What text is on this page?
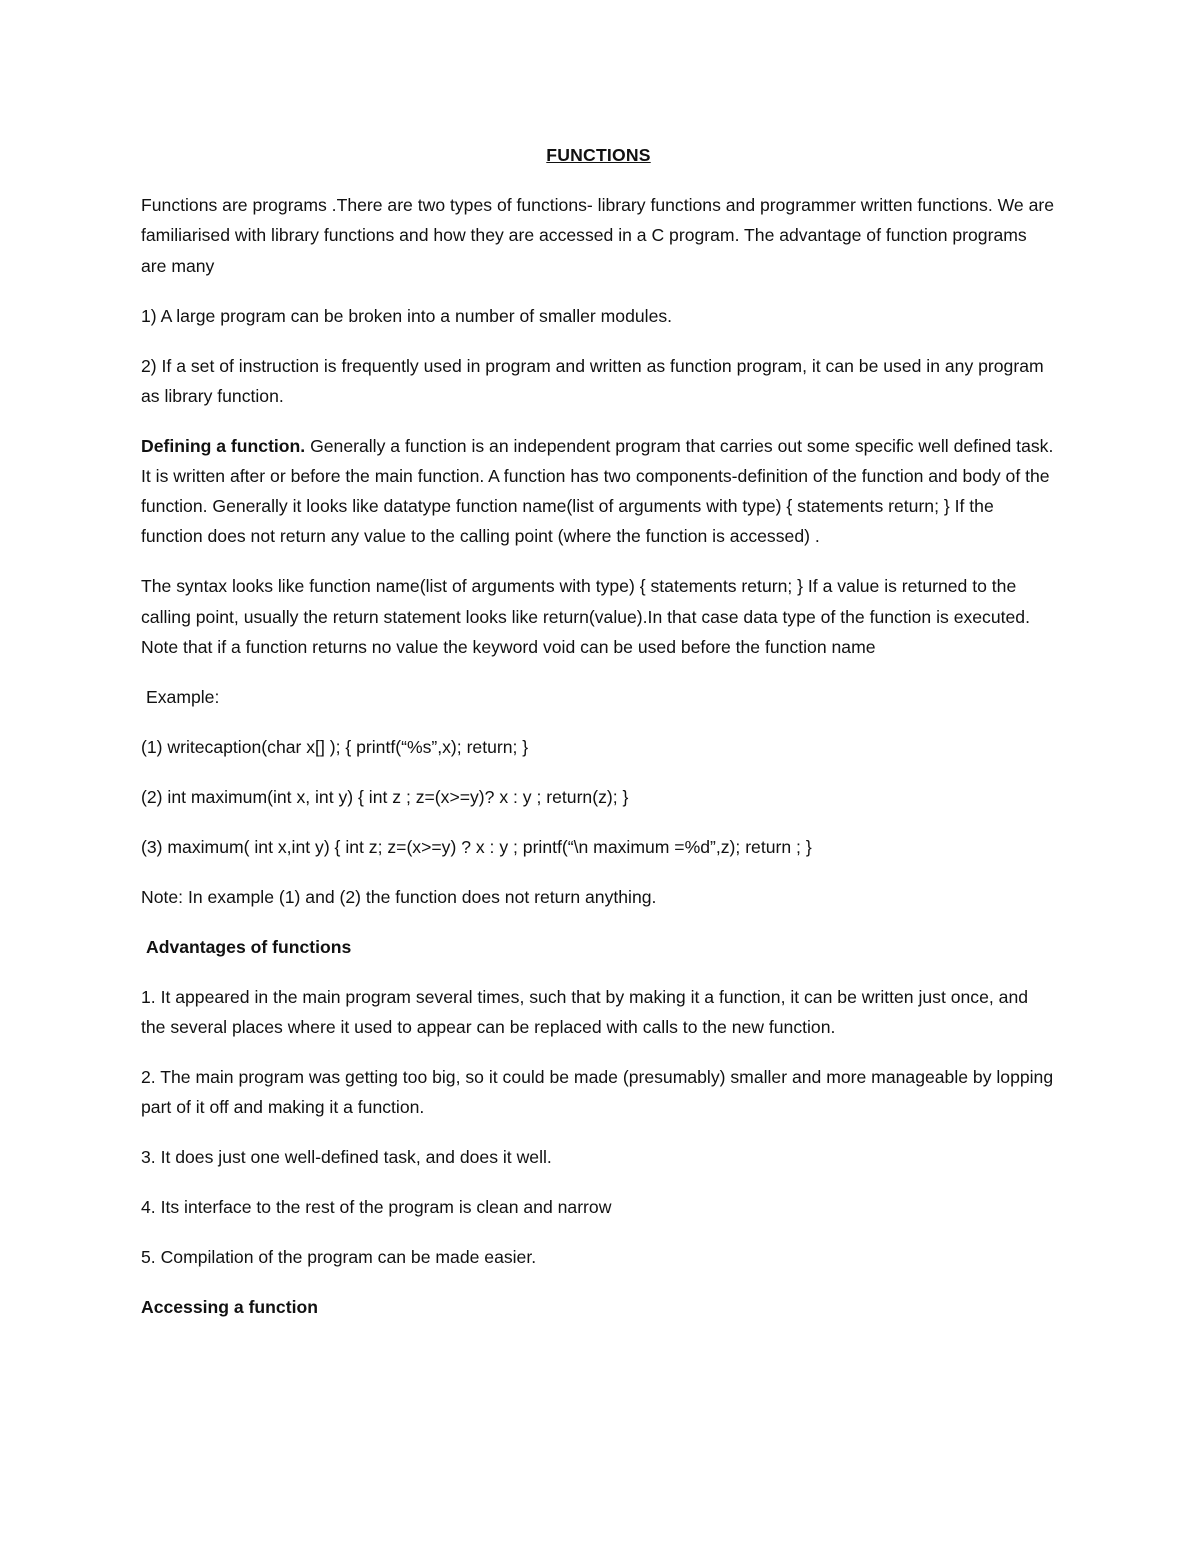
FUNCTIONS

Functions are programs .There are two types of functions- library functions and programmer written functions. We are familiarised with library functions and how they are accessed in a C program. The advantage of function programs are many

1) A large program can be broken into a number of smaller modules.

2) If a set of instruction is frequently used in program and written as function program, it can be used in any program as library function.

Defining a function. Generally a function is an independent program that carries out some specific well defined task. It is written after or before the main function. A function has two components-definition of the function and body of the function. Generally it looks like datatype function name(list of arguments with type) { statements return; } If the function does not return any value to the calling point (where the function is accessed) .

The syntax looks like function name(list of arguments with type) { statements return; } If a value is returned to the calling point, usually the return statement looks like return(value).In that case data type of the function is executed. Note that if a function returns no value the keyword void can be used before the function name

Example:

(1) writecaption(char x[] ); { printf(“%s”,x); return; }

(2) int maximum(int x, int y) { int z ; z=(x>=y)? x : y ; return(z); }

(3) maximum( int x,int y) { int z; z=(x>=y) ? x : y ; printf(“\n maximum =%d”,z); return ; }

Note: In example (1) and (2) the function does not return anything.

Advantages of functions

1. It appeared in the main program several times, such that by making it a function, it can be written just once, and the several places where it used to appear can be replaced with calls to the new function.

2. The main program was getting too big, so it could be made (presumably) smaller and more manageable by lopping part of it off and making it a function.

3. It does just one well-defined task, and does it well.

4. Its interface to the rest of the program is clean and narrow

5. Compilation of the program can be made easier.

Accessing a function
